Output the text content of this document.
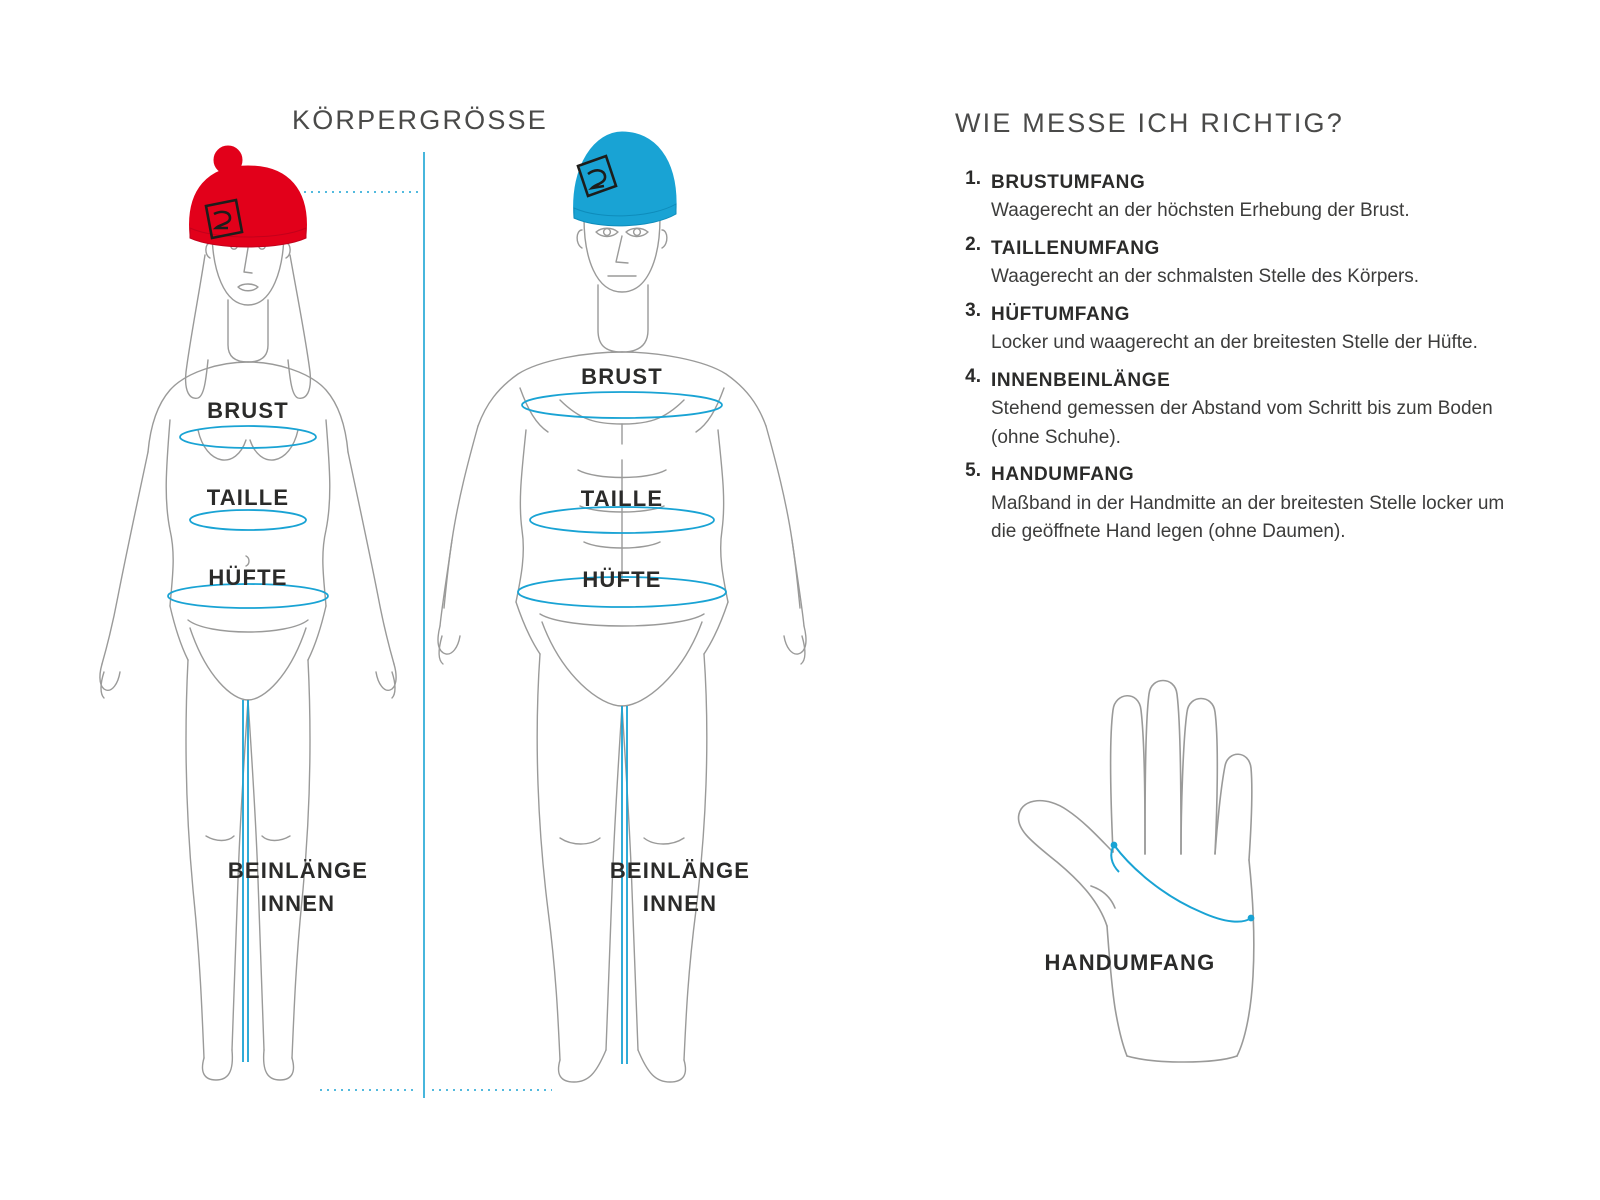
KÖRPERGRÖSSE
BRUST
TAILLE
HÜFTE
BEINLÄNGE
INNEN
BRUST
TAILLE
HÜFTE
BEINLÄNGE
INNEN
WIE MESSE ICH RICHTIG?
1. BRUSTUMFANG
Waagerecht an der höchsten Erhebung der Brust.
2. TAILLENUMFANG
Waagerecht an der schmalsten Stelle des Körpers.
3. HÜFTUMFANG
Locker und waagerecht an der breitesten Stelle der Hüfte.
4. INNENBEINLÄNGE
Stehend gemessen der Abstand vom Schritt bis zum Boden (ohne Schuhe).
5. HANDUMFANG
Maßband in der Handmitte an der breitesten Stelle locker um die geöffnete Hand legen (ohne Daumen).
HANDUMFANG
